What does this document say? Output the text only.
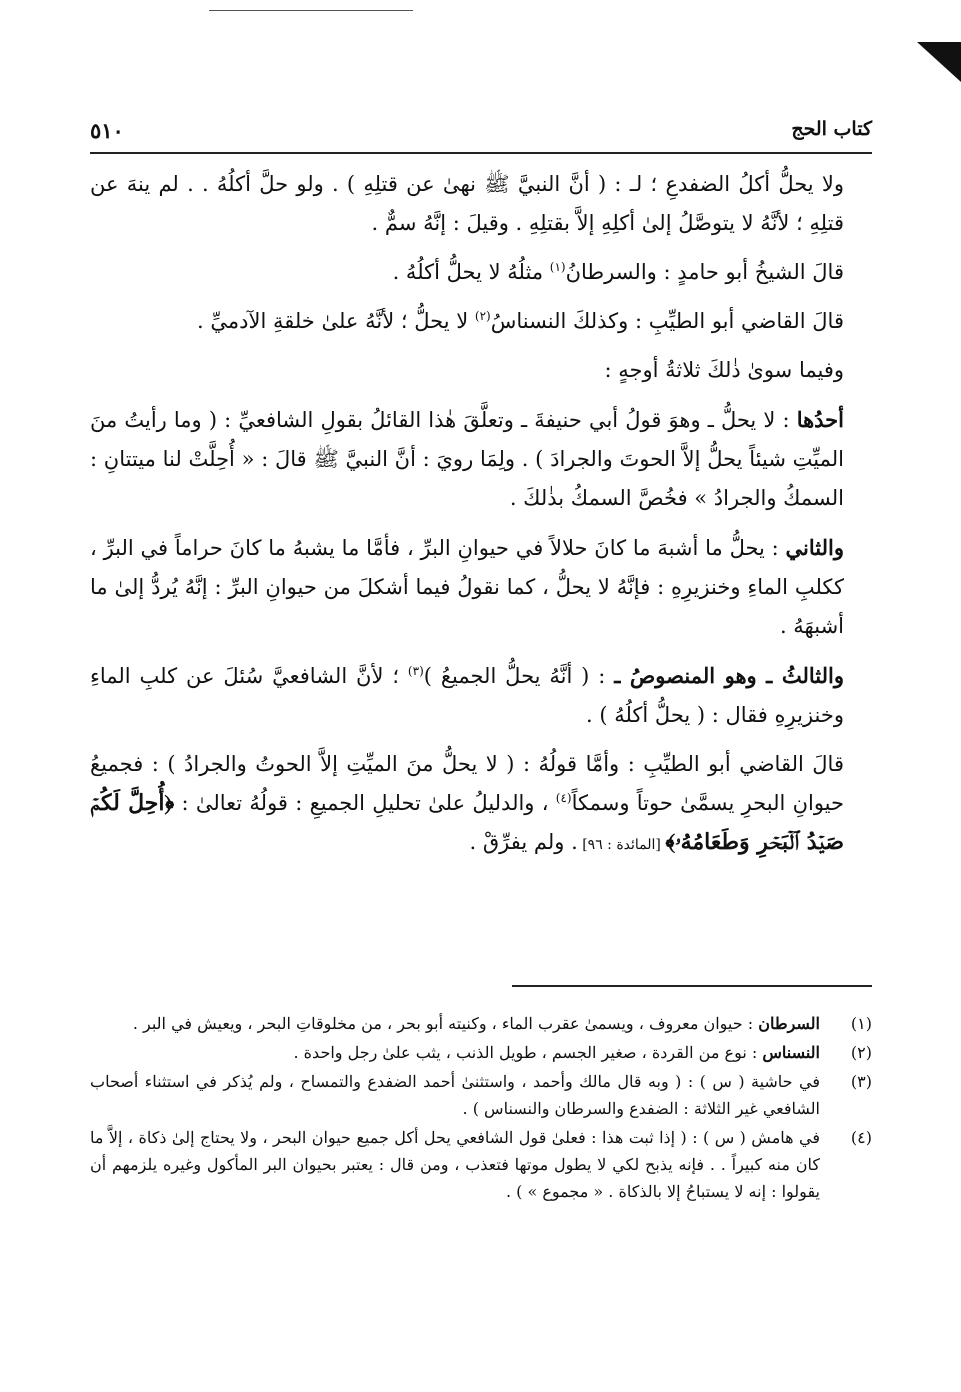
كتاب الحج
٥١٠

ولا يحلُّ أكلُ الضفدعِ ؛ لـ : ( أنَّ النبيَّ ﷺ نهىٰ عن قتلِهِ ) . ولو حلَّ أكلُهُ . . لم ينهَ عن قتلِهِ ؛ لأنَّهُ لا يتوصَّلُ إلىٰ أكلِهِ إلاَّ بقتلِهِ . وقيلَ : إنَّهُ سمٌّ .

قالَ الشيخُ أبو حامدٍ : والسرطانُ$^{(١)}$ مثلُهُ لا يحلُّ أكلُهُ .

قالَ القاضي أبو الطيِّبِ : وكذلكَ النسناسُ$^{(٢)}$ لا يحلُّ ؛ لأنَّهُ علىٰ خلقةِ الآدميِّ .

وفيما سوىٰ ذٰلكَ ثلاثةُ أوجهٍ :

أحدُها : لا يحلُّ ـ وهوَ قولُ أبي حنيفةَ ـ وتعلَّقَ هٰذا القائلُ بقولِ الشافعيِّ : ( وما رأيتُ منَ الميِّتِ شيئاً يحلُّ إلاَّ الحوتَ والجرادَ ) . ولِمَا رويَ : أنَّ النبيَّ ﷺ قالَ : « أُحِلَّتْ لنا ميتتانِ : السمكُ والجرادُ » فخُصَّ السمكُ بذٰلكَ .

والثاني : يحلُّ ما أشبهَ ما كانَ حلالاً في حيوانِ البرِّ ، فأمَّا ما يشبهُ ما كانَ حراماً في البرِّ ، ككلبِ الماءِ وخنزيرِهِ : فإنَّهُ لا يحلُّ ، كما نقولُ فيما أشكلَ من حيوانِ البرِّ : إنَّهُ يُردُّ إلىٰ ما أشبهَهُ .

والثالثُ ـ وهو المنصوصُ ـ : ( أنَّهُ يحلُّ الجميعُ )$^{(٣)}$ ؛ لأنَّ الشافعيَّ سُئلَ عن كلبِ الماءِ وخنزيرِهِ فقال : ( يحلُّ أكلُهُ ) .

قالَ القاضي أبو الطيِّبِ : وأمَّا قولُهُ : ( لا يحلُّ منَ الميِّتِ إلاَّ الحوتُ والجرادُ ) : فجميعُ حيوانِ البحرِ يسمَّىٰ حوتاً وسمكاً$^{(٤)}$ ، والدليلُ علىٰ تحليلِ الجميعِ : قولُهُ تعالىٰ : ﴿أُحِلَّ لَكُمۡ صَيۡدُ ٱلۡبَحۡرِ وَطَعَامُهُۥ﴾ [المائدة : ٩٦] . ولم يفرِّقْ .

(١)
السرطان : حيوان معروف ، ويسمىٰ عقرب الماء ، وكنيته أبو بحر ، من مخلوقاتِ البحر ، ويعيش في البر .
(٢)
النسناس : نوع من القردة ، صغير الجسم ، طويل الذنب ، يثب علىٰ رجل واحدة .
(٣)
في حاشية ( س ) : ( وبه قال مالك وأحمد ، واستثنىٰ أحمد الضفدع والتمساح ، ولم يُذكر في استثناء أصحاب الشافعي غير الثلاثة : الضفدع والسرطان والنسناس ) .
(٤)
في هامش ( س ) : ( إذا ثبت هذا : فعلىٰ قول الشافعي يحل أكل جميع حيوان البحر ، ولا يحتاج إلىٰ ذكاة ، إلاَّ ما كان منه كبيراً . . فإنه يذبح لكي لا يطول موتها فتعذب ، ومن قال : يعتبر بحيوان البر المأكول وغيره يلزمهم أن يقولوا : إنه لا يستباحُ إلا بالذكاة . « مجموع » ) .
